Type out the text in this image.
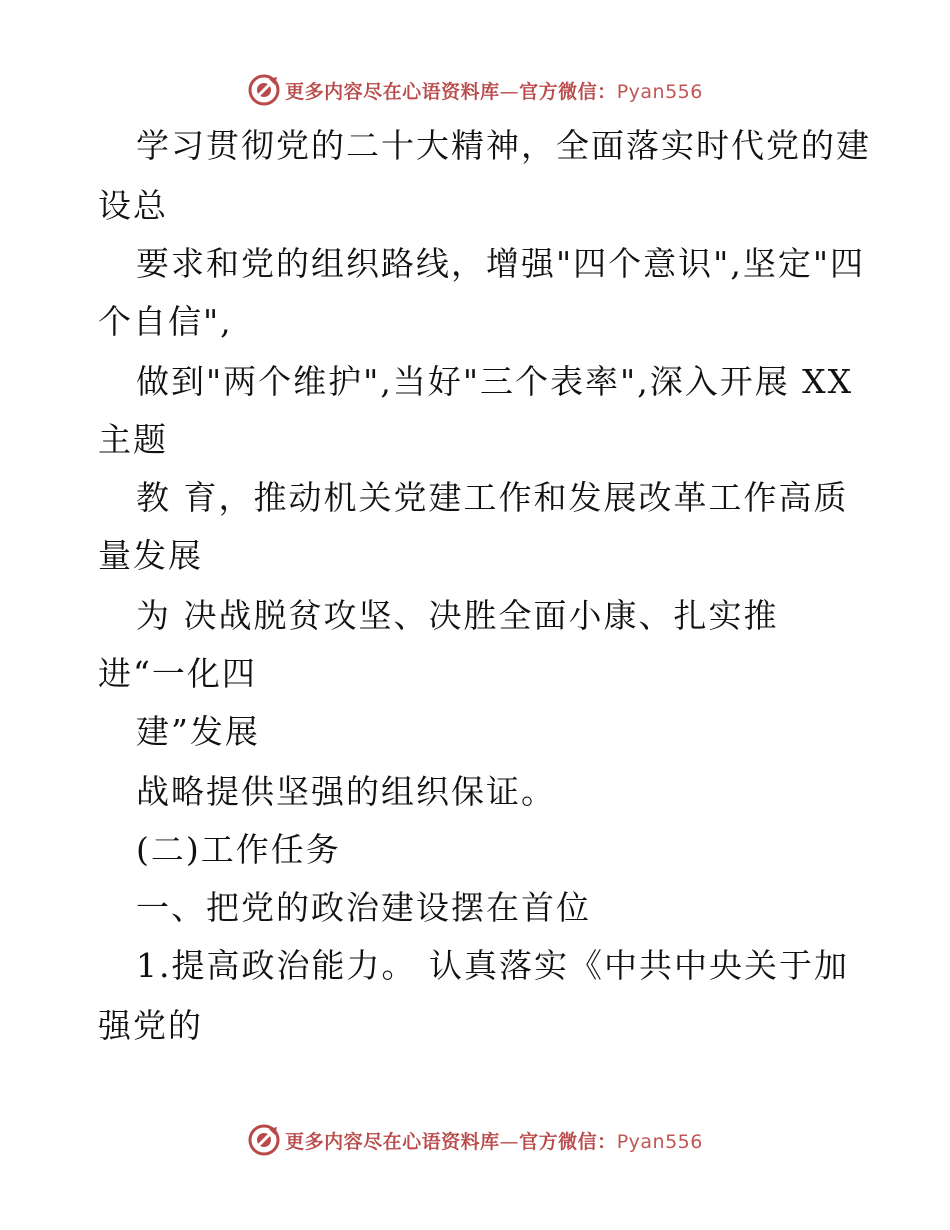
更多内容尽在心语资料库—官方微信：Pyan556
学习贯彻党的二十大精神，全面落实时代党的建
设总
要求和党的组织路线，增强"四个意识",坚定"四
个自信",
做到"两个维护",当好"三个表率",深入开展 XX
主题
教 育，推动机关党建工作和发展改革工作高质
量发展
为 决战脱贫攻坚、决胜全面小康、扎实推
进“一化四
建”发展
战略提供坚强的组织保证。
(二)工作任务
一、把党的政治建设摆在首位
1.提高政治能力。 认真落实《中共中央关于加
强党的
更多内容尽在心语资料库—官方微信：Pyan556
